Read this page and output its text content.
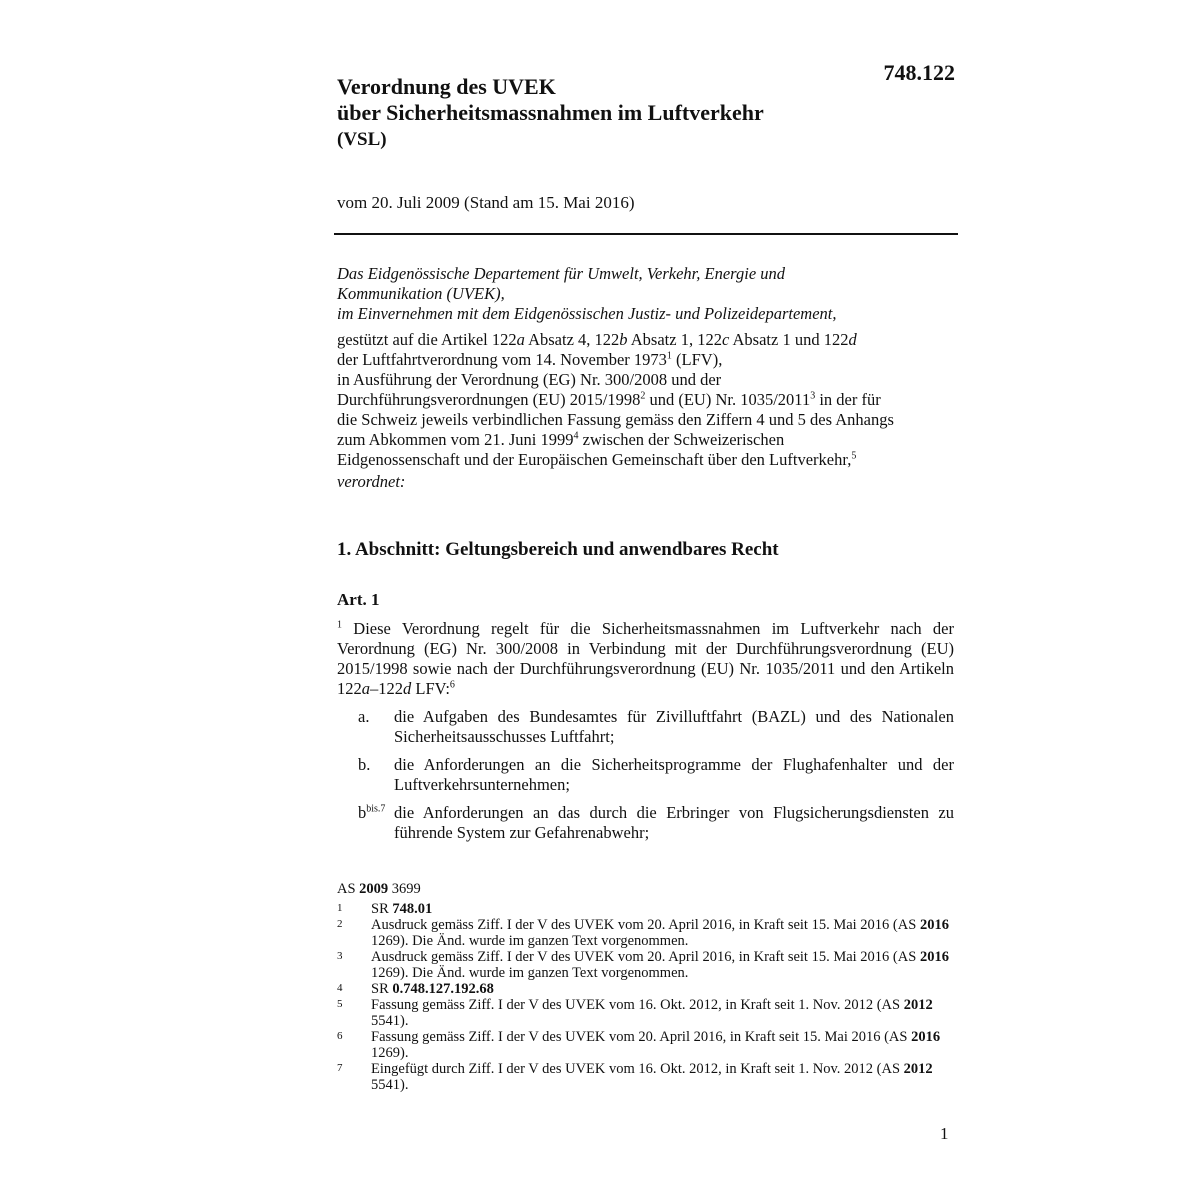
748.122
Verordnung des UVEK
über Sicherheitsmassnahmen im Luftverkehr
(VSL)
vom 20. Juli 2009 (Stand am 15. Mai 2016)
Das Eidgenössische Departement für Umwelt, Verkehr, Energie und
Kommunikation (UVEK),
im Einvernehmen mit dem Eidgenössischen Justiz- und Polizeidepartement,
gestützt auf die Artikel 122a Absatz 4, 122b Absatz 1, 122c Absatz 1 und 122d
der Luftfahrtverordnung vom 14. November 1973$^1$ (LFV),
in Ausführung der Verordnung (EG) Nr. 300/2008 und der
Durchführungsverordnungen (EU) 2015/1998$^2$ und (EU) Nr. 1035/2011$^3$ in der für
die Schweiz jeweils verbindlichen Fassung gemäss den Ziffern 4 und 5 des Anhangs
zum Abkommen vom 21. Juni 1999$^4$ zwischen der Schweizerischen
Eidgenossenschaft und der Europäischen Gemeinschaft über den Luftverkehr,$^5$
verordnet:
1. Abschnitt: Geltungsbereich und anwendbares Recht
Art. 1
$^1$ Diese Verordnung regelt für die Sicherheitsmassnahmen im Luftverkehr nach der Verordnung (EG) Nr. 300/2008 in Verbindung mit der Durchführungsverordnung (EU) 2015/1998 sowie nach der Durchführungsverordnung (EU) Nr. 1035/2011 und den Artikeln 122a–122d LFV:$^6$
a.	die Aufgaben des Bundesamtes für Zivilluftfahrt (BAZL) und des Nationalen Sicherheitsausschusses Luftfahrt;
b.	die Anforderungen an die Sicherheitsprogramme der Flughafenhalter und der Luftverkehrsunternehmen;
$b^{bis.7}$ die Anforderungen an das durch die Erbringer von Flugsicherungsdiensten zu führende System zur Gefahrenabwehr;
AS 2009 3699
1	SR 748.01
2	Ausdruck gemäss Ziff. I der V des UVEK vom 20. April 2016, in Kraft seit 15. Mai 2016 (AS 2016 1269). Die Änd. wurde im ganzen Text vorgenommen.
3	Ausdruck gemäss Ziff. I der V des UVEK vom 20. April 2016, in Kraft seit 15. Mai 2016 (AS 2016 1269). Die Änd. wurde im ganzen Text vorgenommen.
4	SR 0.748.127.192.68
5	Fassung gemäss Ziff. I der V des UVEK vom 16. Okt. 2012, in Kraft seit 1. Nov. 2012 (AS 2012 5541).
6	Fassung gemäss Ziff. I der V des UVEK vom 20. April 2016, in Kraft seit 15. Mai 2016 (AS 2016 1269).
7	Eingefügt durch Ziff. I der V des UVEK vom 16. Okt. 2012, in Kraft seit 1. Nov. 2012 (AS 2012 5541).
1
